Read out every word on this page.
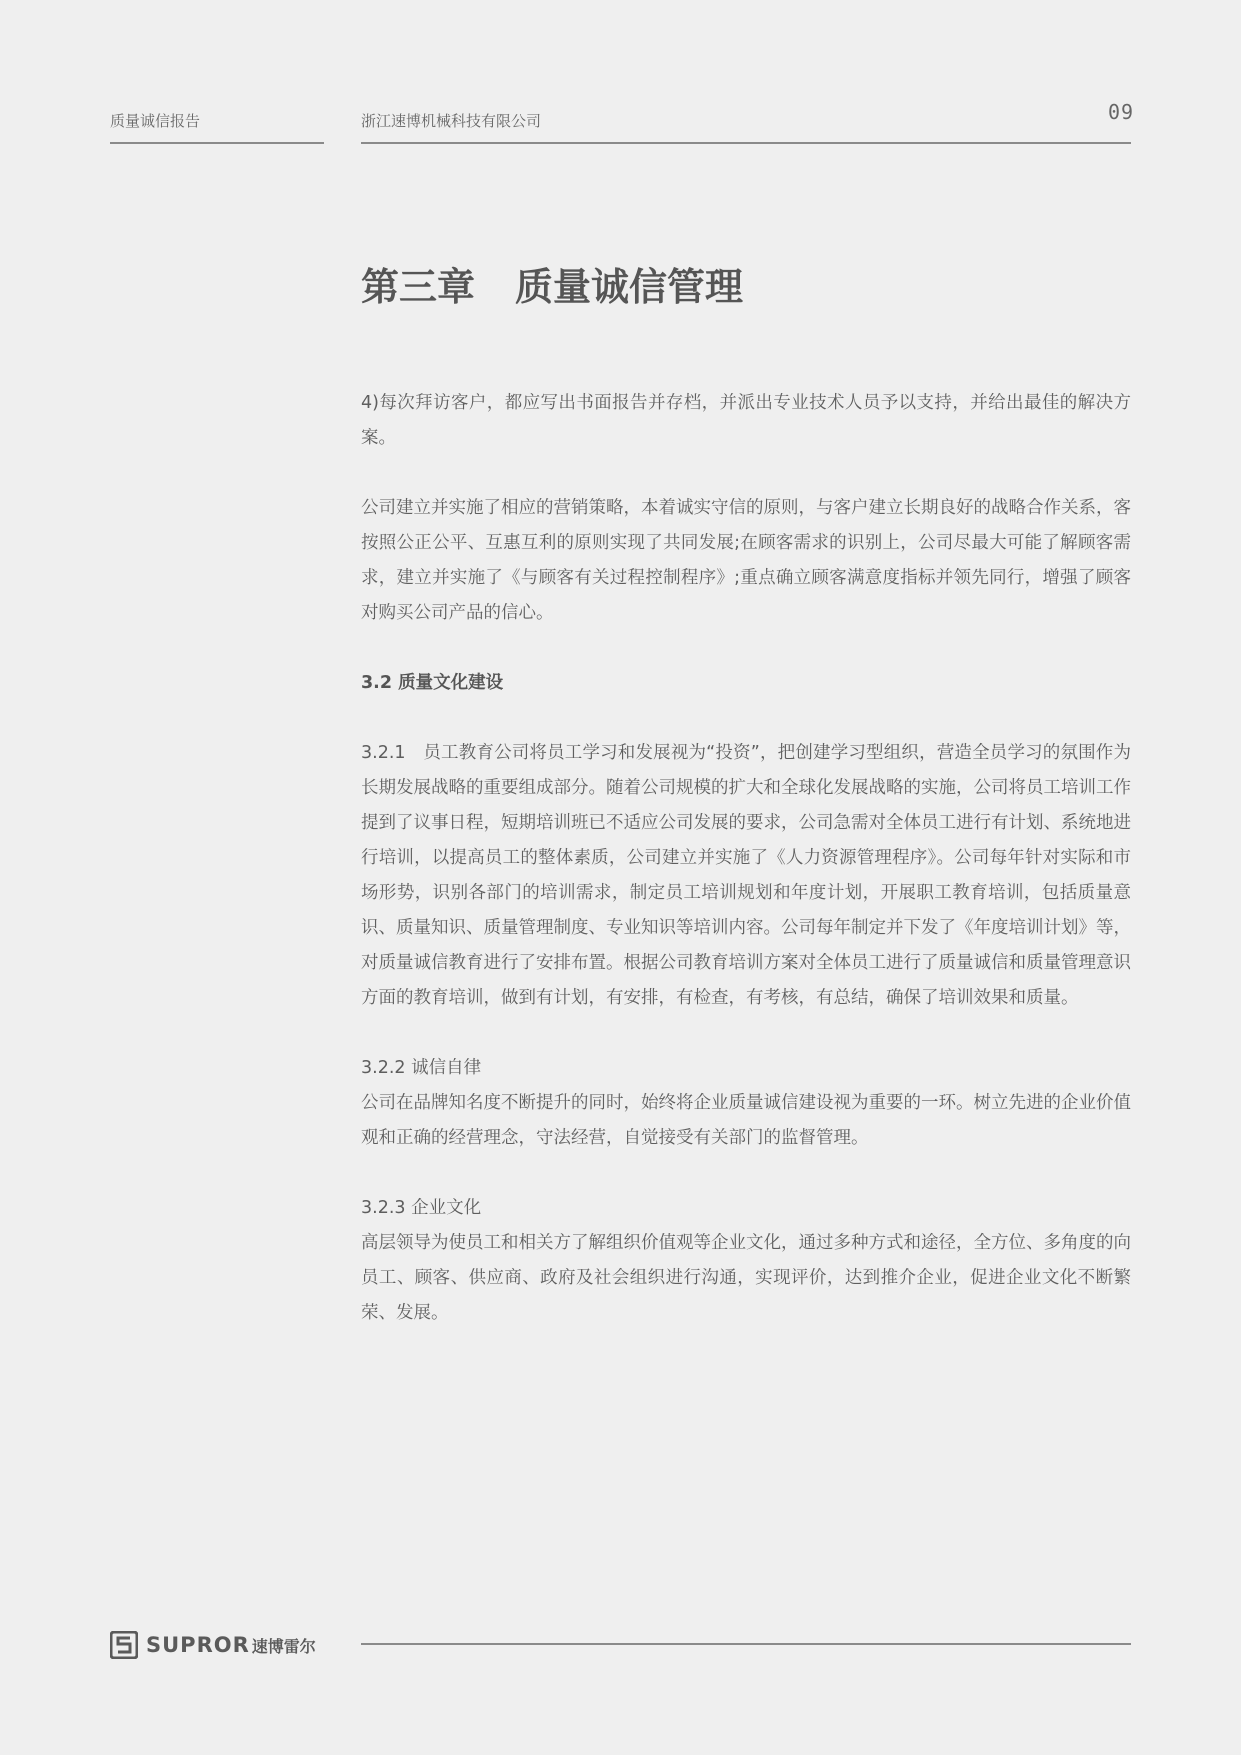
质量诚信报告	浙江速博机械科技有限公司	09
第三章 质量诚信管理

4)每次拜访客户，都应写出书面报告并存档，并派出专业技术人员予以支持，并给出最佳的解决方案。

公司建立并实施了相应的营销策略，本着诚实守信的原则，与客户建立长期良好的战略合作关系，客按照公正公平、互惠互利的原则实现了共同发展;在顾客需求的识别上，公司尽最大可能了解顾客需求，建立并实施了《与顾客有关过程控制程序》;重点确立顾客满意度指标并领先同行，增强了顾客对购买公司产品的信心。

3.2 质量文化建设

3.2.1　员工教育公司将员工学习和发展视为“投资”，把创建学习型组织，营造全员学习的氛围作为长期发展战略的重要组成部分。随着公司规模的扩大和全球化发展战略的实施，公司将员工培训工作提到了议事日程，短期培训班已不适应公司发展的要求，公司急需对全体员工进行有计划、系统地进行培训，以提高员工的整体素质，公司建立并实施了《人力资源管理程序》。公司每年针对实际和市场形势，识别各部门的培训需求，制定员工培训规划和年度计划，开展职工教育培训，包括质量意识、质量知识、质量管理制度、专业知识等培训内容。公司每年制定并下发了《年度培训计划》等，对质量诚信教育进行了安排布置。根据公司教育培训方案对全体员工进行了质量诚信和质量管理意识方面的教育培训，做到有计划，有安排，有检查，有考核，有总结，确保了培训效果和质量。

3.2.2 诚信自律

公司在品牌知名度不断提升的同时，始终将企业质量诚信建设视为重要的一环。树立先进的企业价值观和正确的经营理念，守法经营，自觉接受有关部门的监督管理。

3.2.3 企业文化

高层领导为使员工和相关方了解组织价值观等企业文化，通过多种方式和途径，全方位、多角度的向员工、顾客、供应商、政府及社会组织进行沟通，实现评价，达到推介企业，促进企业文化不断繁荣、发展。

SUPROR 速博雷尔
